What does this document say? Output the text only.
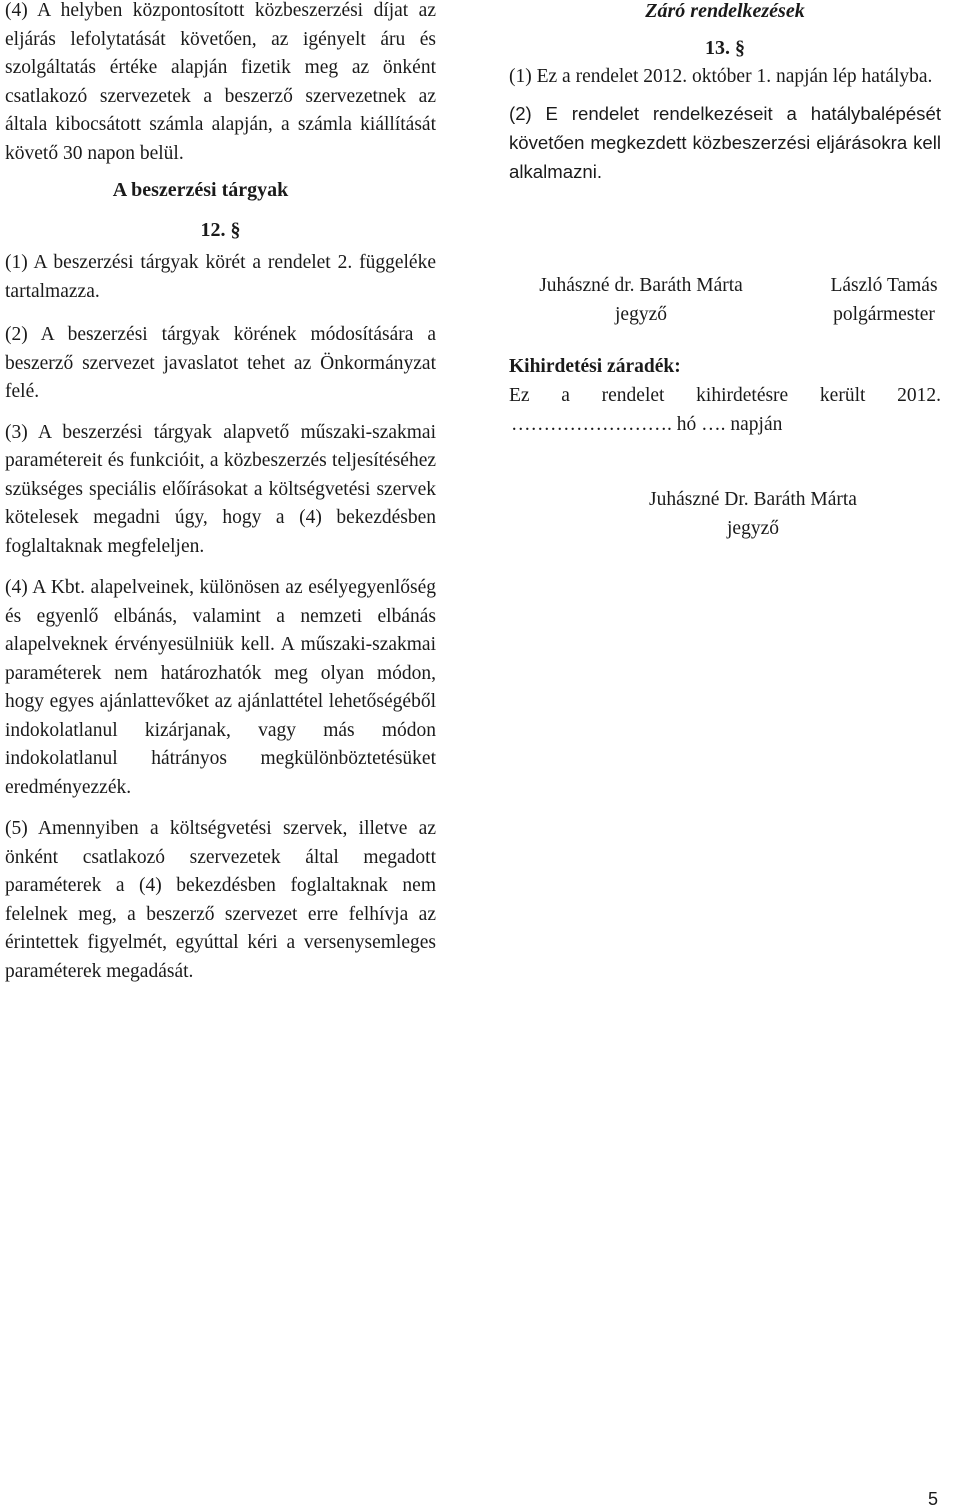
(4) A helyben központosított közbeszerzési díjat az eljárás lefolytatását követően, az igényelt áru és szolgáltatás értéke alapján fizetik meg az önként csatlakozó szervezetek a beszerző szervezetnek az általa kibocsátott számla alapján, a számla kiállítását követő 30 napon belül.

A beszerzési tárgyak

12. §

(1) A beszerzési tárgyak körét a rendelet 2. függeléke tartalmazza.

(2) A beszerzési tárgyak körének módosítására a beszerző szervezet javaslatot tehet az Önkormányzat felé.

(3) A beszerzési tárgyak alapvető műszaki-szakmai paramétereit és funkcióit, a közbeszerzés teljesítéséhez szükséges speciális előírásokat a költségvetési szervek kötelesek megadni úgy, hogy a (4) bekezdésben foglaltaknak megfeleljen.

(4) A Kbt. alapelveinek, különösen az esélyegyenlőség és egyenlő elbánás, valamint a nemzeti elbánás alapelveknek érvényesülniük kell. A műszaki-szakmai paraméterek nem határozhatók meg olyan módon, hogy egyes ajánlattevőket az ajánlattétel lehetőségéből indokolatlanul kizárjanak, vagy más módon indokolatlanul hátrányos megkülönböztetésüket eredményezzék.

(5) Amennyiben a költségvetési szervek, illetve az önként csatlakozó szervezetek által megadott paraméterek a (4) bekezdésben foglaltaknak nem felelnek meg, a beszerző szervezet erre felhívja az érintettek figyelmét, egyúttal kéri a versenysemleges paraméterek megadását.

Záró rendelkezések

13. §

(1) Ez a rendelet 2012. október 1. napján lép hatályba.

(2) E rendelet rendelkezéseit a hatálybalépését követően megkezdett közbeszerzési eljárásokra kell alkalmazni.

Juhászné dr. Baráth Márta
jegyző
László Tamás
polgármester

Kihirdetési záradék:

Ez a rendelet kihirdetésre került 2012.

……………………. hó …. napján

Juhászné Dr. Baráth Márta
jegyző
5
